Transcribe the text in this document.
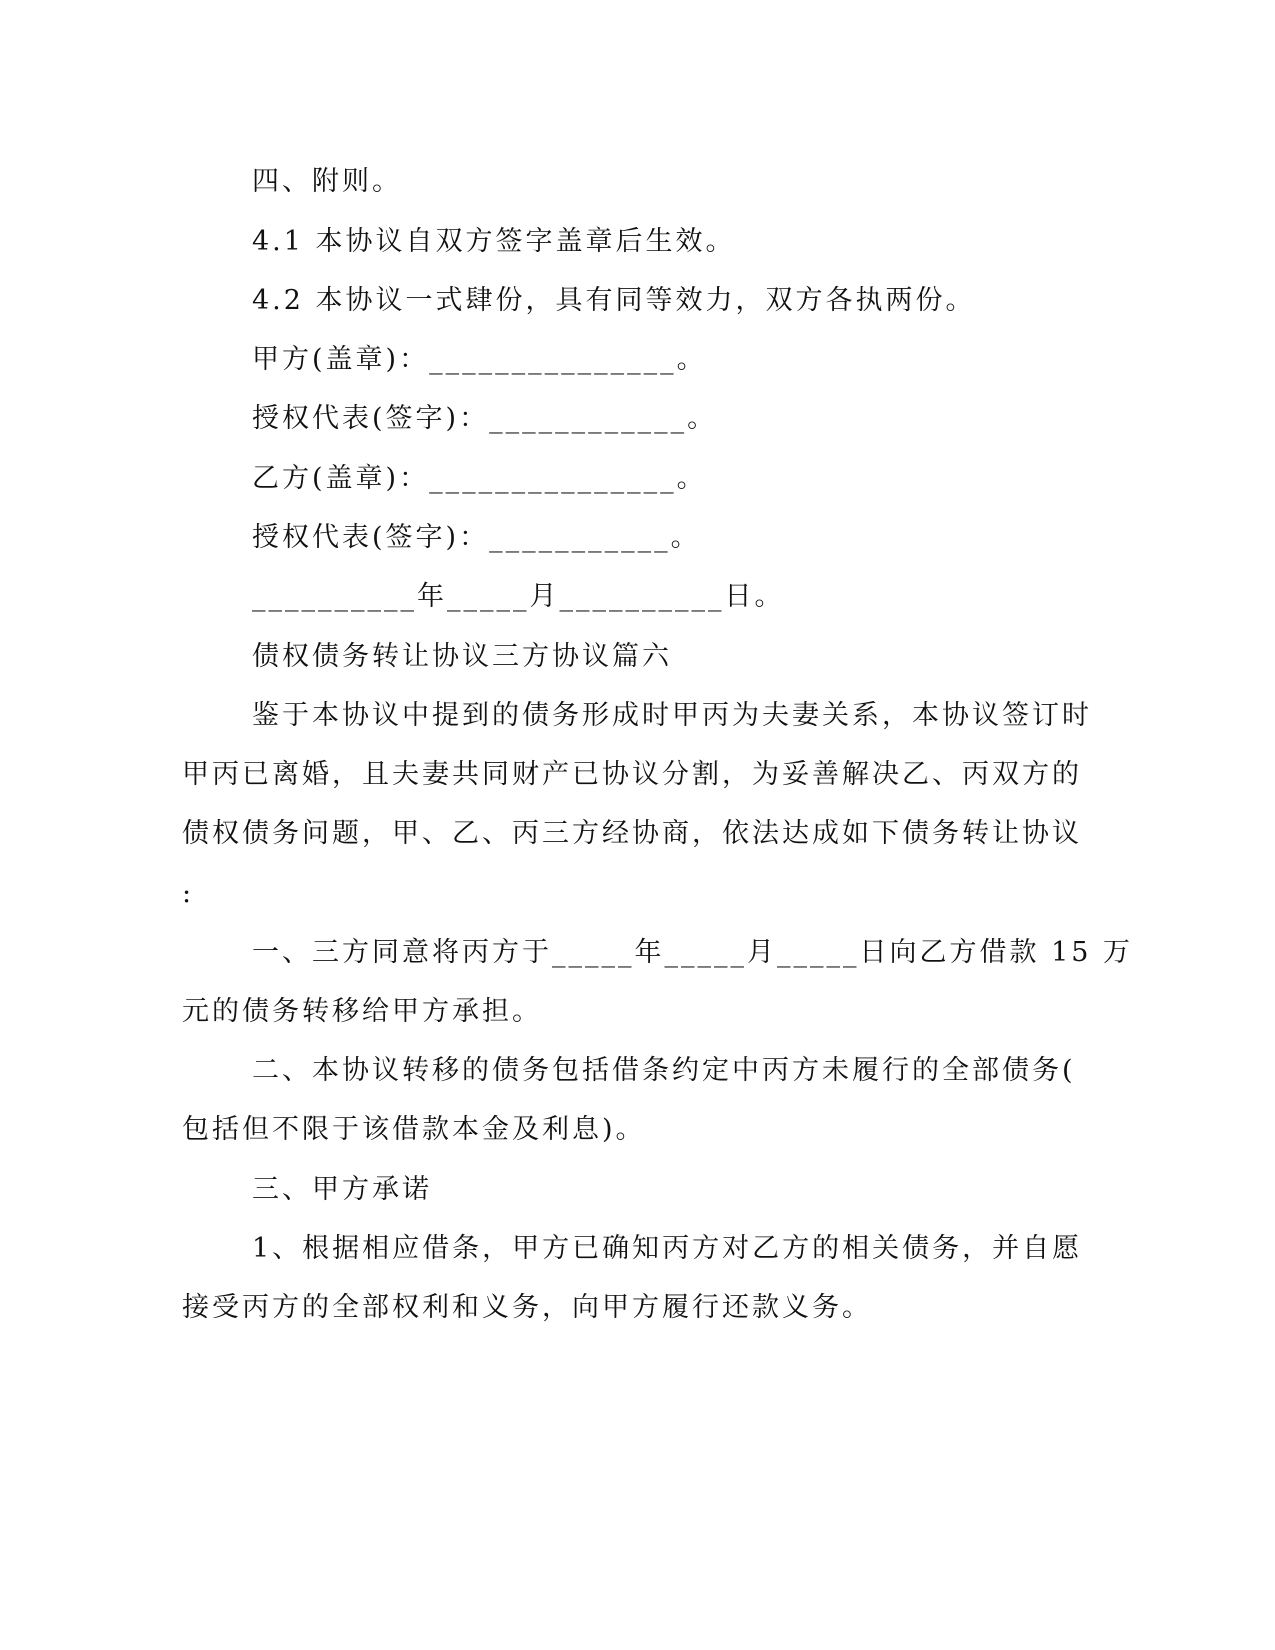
四、附则。

4.1 本协议自双方签字盖章后生效。

4.2 本协议一式肆份，具有同等效力，双方各执两份。

甲方(盖章)：_______________。

授权代表(签字)：____________。

乙方(盖章)：_______________。

授权代表(签字)：___________。

__________年_____月__________日。

债权债务转让协议三方协议篇六

鉴于本协议中提到的债务形成时甲丙为夫妻关系，本协议签订时

甲丙已离婚，且夫妻共同财产已协议分割，为妥善解决乙、丙双方的

债权债务问题，甲、乙、丙三方经协商，依法达成如下债务转让协议

:

一、三方同意将丙方于_____年_____月_____日向乙方借款 15 万

元的债务转移给甲方承担。

二、本协议转移的债务包括借条约定中丙方未履行的全部债务(

包括但不限于该借款本金及利息)。

三、甲方承诺

1、根据相应借条，甲方已确知丙方对乙方的相关债务，并自愿

接受丙方的全部权利和义务，向甲方履行还款义务。
